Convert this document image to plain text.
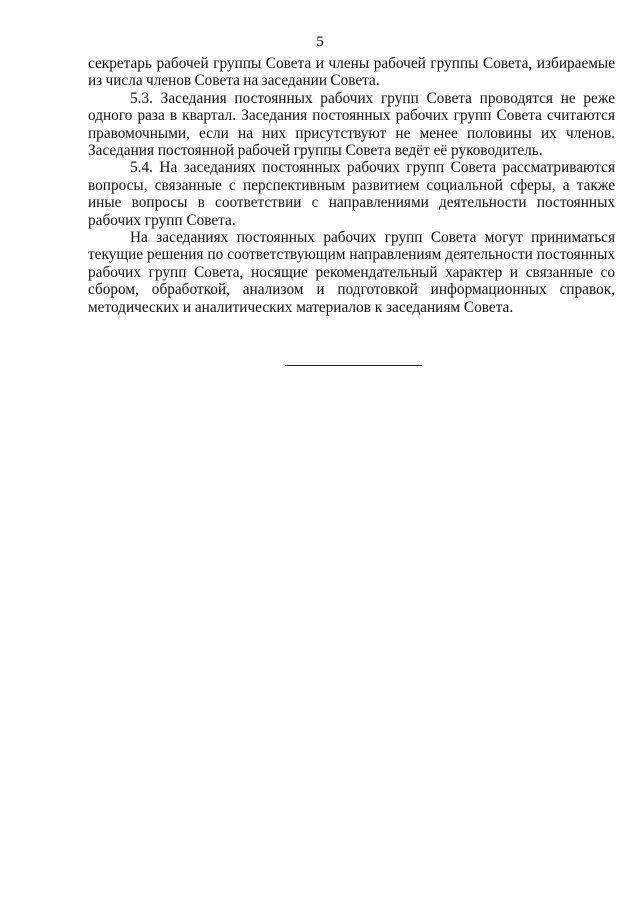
5

секретарь рабочей группы Совета и члены рабочей группы Совета, избираемые из числа членов Совета на заседании Совета.

5.3. Заседания постоянных рабочих групп Совета проводятся не реже одного раза в квартал. Заседания постоянных рабочих групп Совета считаются правомочными, если на них присутствуют не менее половины их членов. Заседания постоянной рабочей группы Совета ведёт её руководитель.

5.4. На заседаниях постоянных рабочих групп Совета рассматриваются вопросы, связанные с перспективным развитием социальной сферы, а также иные вопросы в соответствии с направлениями деятельности постоянных рабочих групп Совета.

На заседаниях постоянных рабочих групп Совета могут приниматься текущие решения по соответствующим направлениям деятельности постоянных рабочих групп Совета, носящие рекомендательный характер и связанные со сбором, обработкой, анализом и подготовкой информационных справок, методических и аналитических материалов к заседаниям Совета.
